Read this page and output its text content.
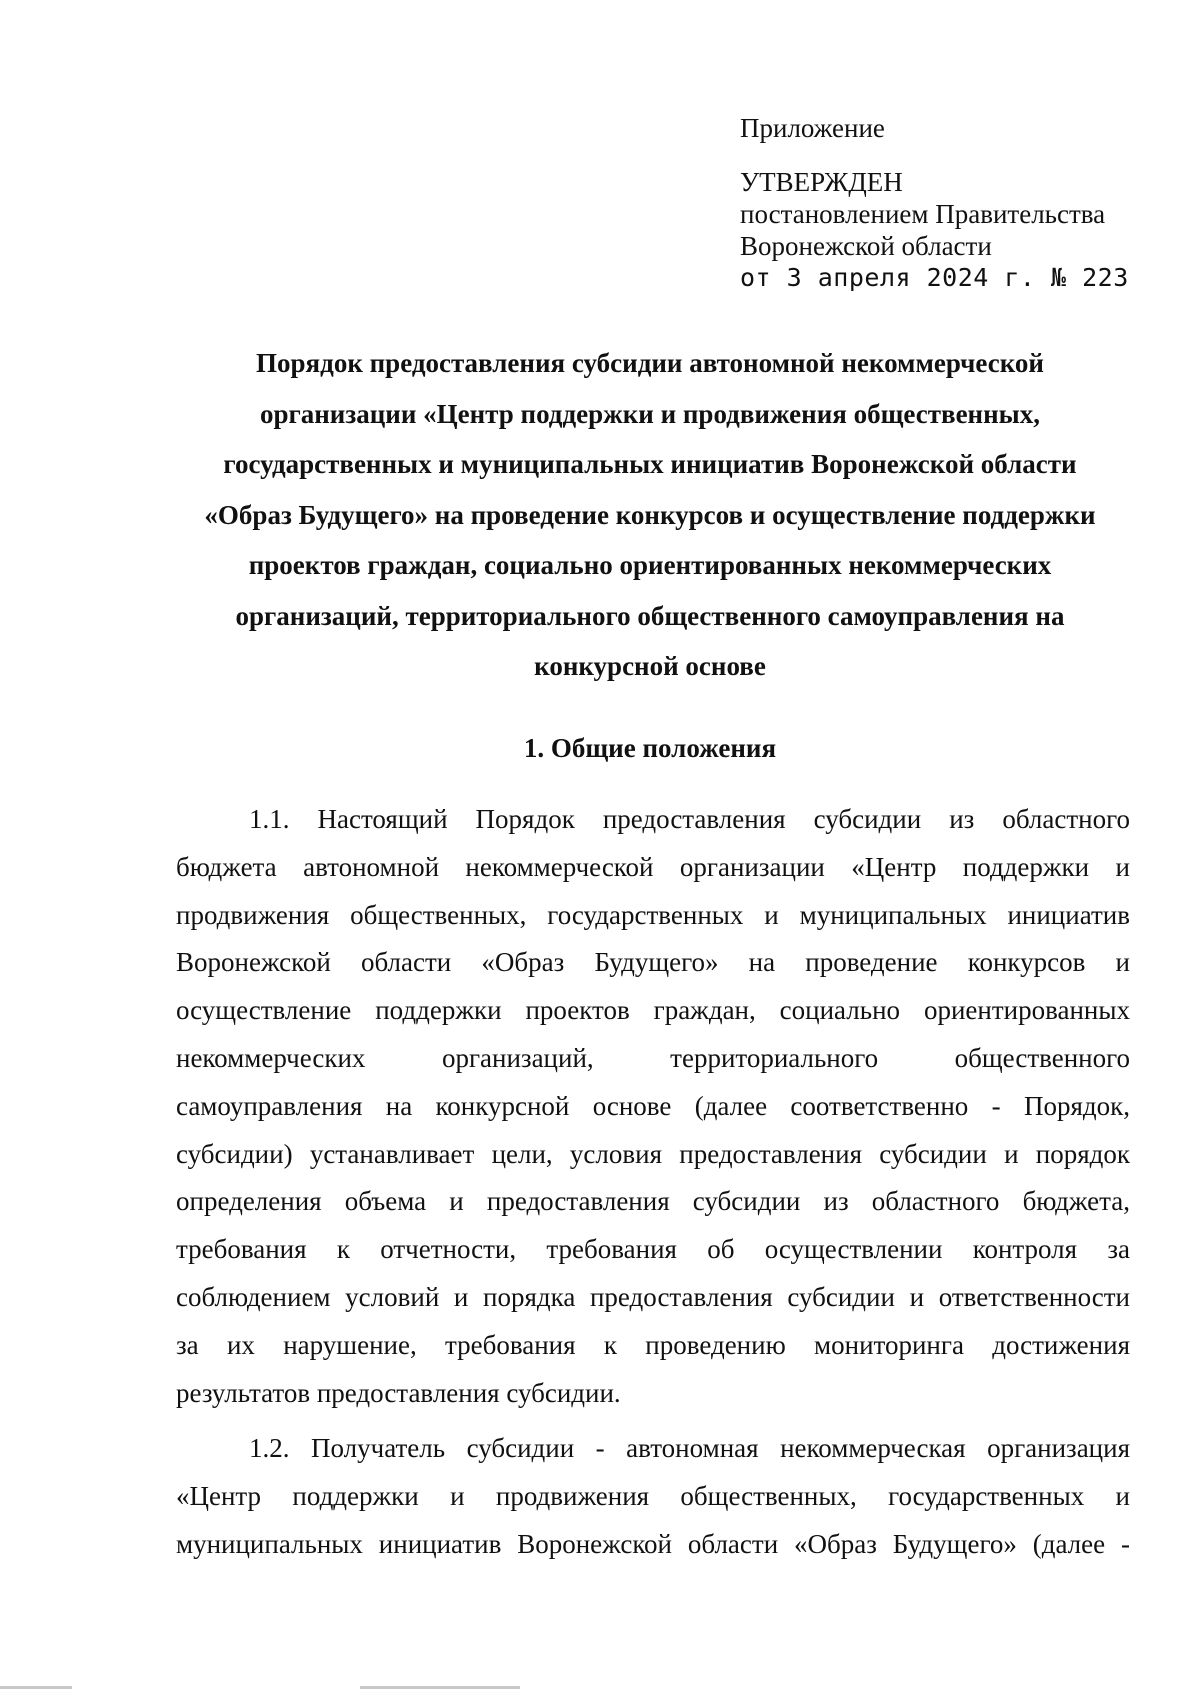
Приложение

УТВЕРЖДЕН

постановлением Правительства

Воронежской области

от 3 апреля 2024 г. № 223

Порядок предоставления субсидии автономной некоммерческой
организации «Центр поддержки и продвижения общественных,
государственных и муниципальных инициатив Воронежской области
«Образ Будущего» на проведение конкурсов и осуществление поддержки
проектов граждан, социально ориентированных некоммерческих
организаций, территориального общественного самоуправления на
конкурсной основе
1. Общие положения
1.1. Настоящий Порядок предоставления субсидии из областного
бюджета автономной некоммерческой организации «Центр поддержки и
продвижения общественных, государственных и муниципальных инициатив
Воронежской области «Образ Будущего» на проведение конкурсов и
осуществление поддержки проектов граждан, социально ориентированных
некоммерческих организаций, территориального общественного
самоуправления на конкурсной основе (далее соответственно - Порядок,
субсидии) устанавливает цели, условия предоставления субсидии и порядок
определения объема и предоставления субсидии из областного бюджета,
требования к отчетности, требования об осуществлении контроля за
соблюдением условий и порядка предоставления субсидии и ответственности
за их нарушение, требования к проведению мониторинга достижения
результатов предоставления субсидии.
1.2. Получатель субсидии - автономная некоммерческая организация
«Центр поддержки и продвижения общественных, государственных и
муниципальных инициатив Воронежской области «Образ Будущего» (далее -
